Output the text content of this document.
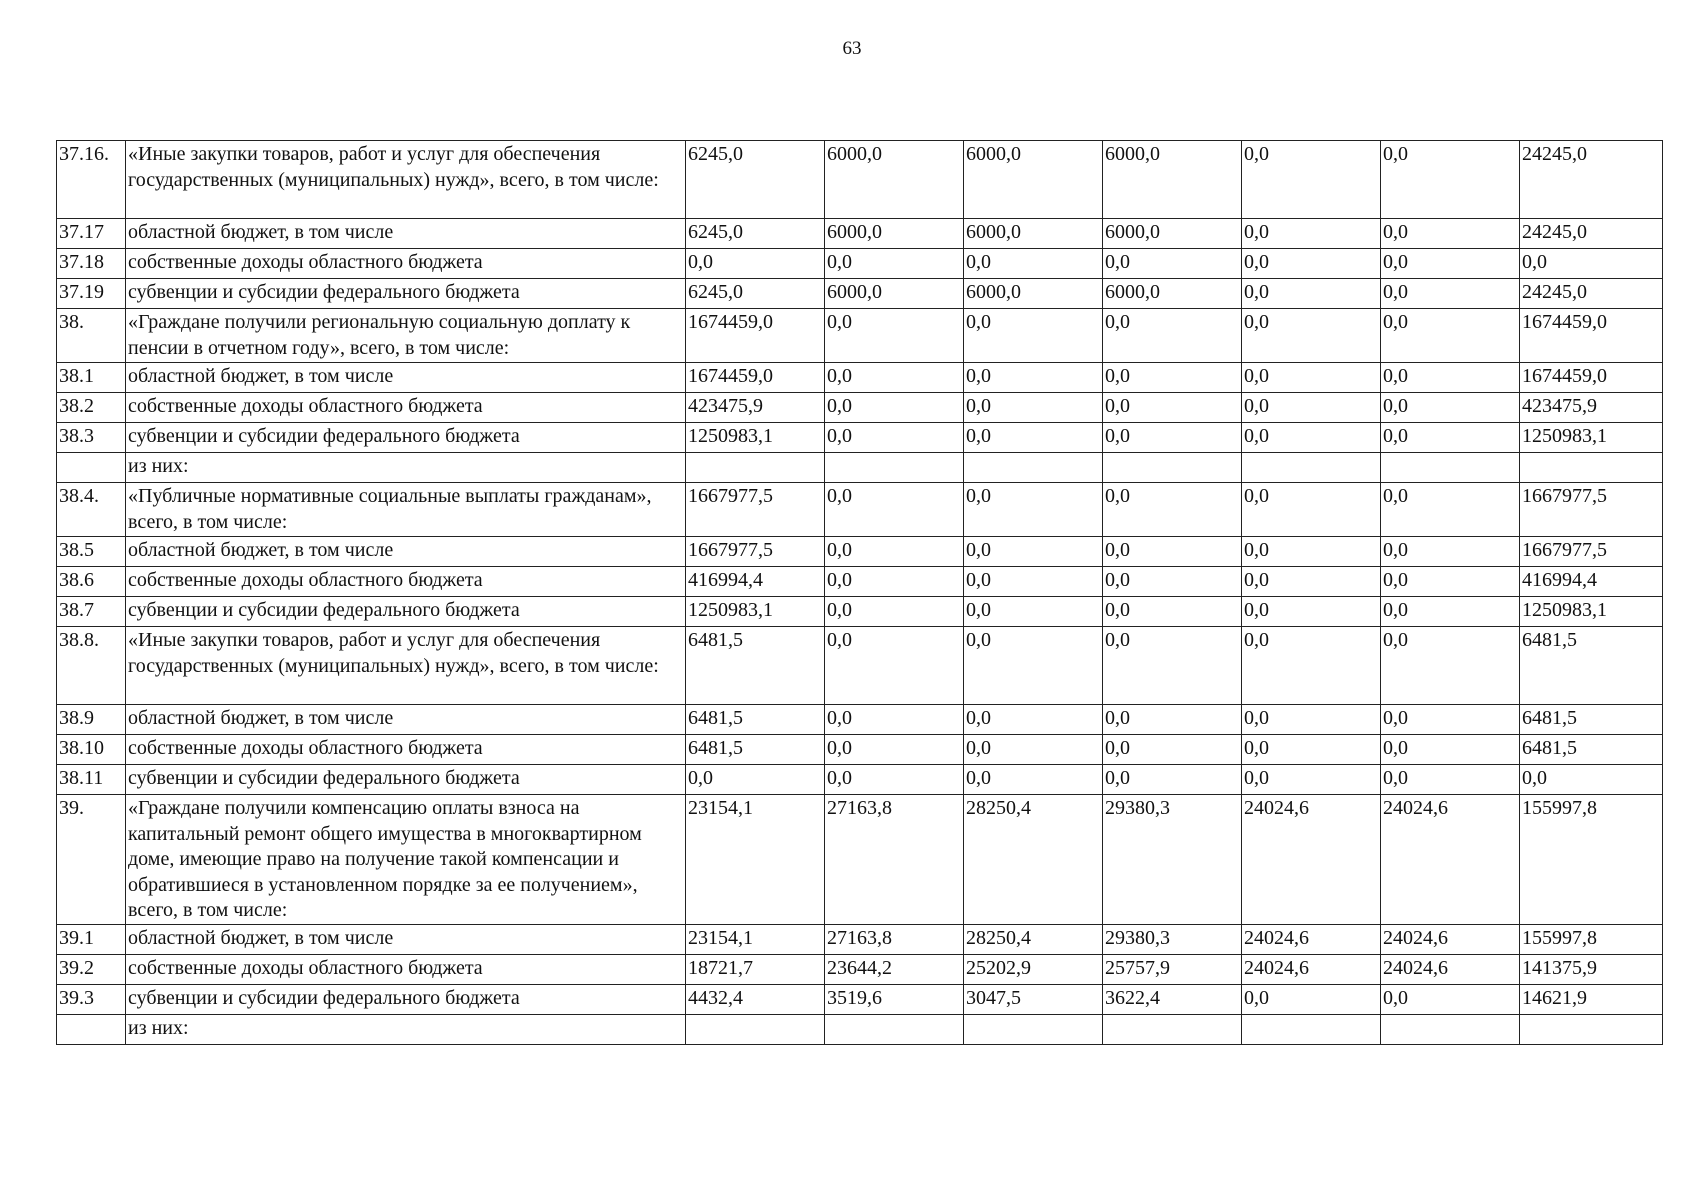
63
37.16.	«Иные закупки товаров, работ и услуг для обеспечения государственных (муниципальных) нужд», всего, в том числе:	6245,0	6000,0	6000,0	6000,0	0,0	0,0	24245,0
37.17	областной бюджет, в том числе	6245,0	6000,0	6000,0	6000,0	0,0	0,0	24245,0
37.18	собственные доходы областного бюджета	0,0	0,0	0,0	0,0	0,0	0,0	0,0
37.19	субвенции и субсидии федерального бюджета	6245,0	6000,0	6000,0	6000,0	0,0	0,0	24245,0
38.	«Граждане получили региональную социальную доплату к пенсии в отчетном году», всего, в том числе:	1674459,0	0,0	0,0	0,0	0,0	0,0	1674459,0
38.1	областной бюджет, в том числе	1674459,0	0,0	0,0	0,0	0,0	0,0	1674459,0
38.2	собственные доходы областного бюджета	423475,9	0,0	0,0	0,0	0,0	0,0	423475,9
38.3	субвенции и субсидии федерального бюджета	1250983,1	0,0	0,0	0,0	0,0	0,0	1250983,1
	из них:							
38.4.	«Публичные нормативные социальные выплаты гражданам», всего, в том числе:	1667977,5	0,0	0,0	0,0	0,0	0,0	1667977,5
38.5	областной бюджет, в том числе	1667977,5	0,0	0,0	0,0	0,0	0,0	1667977,5
38.6	собственные доходы областного бюджета	416994,4	0,0	0,0	0,0	0,0	0,0	416994,4
38.7	субвенции и субсидии федерального бюджета	1250983,1	0,0	0,0	0,0	0,0	0,0	1250983,1
38.8.	«Иные закупки товаров, работ и услуг для обеспечения государственных (муниципальных) нужд», всего, в том числе:	6481,5	0,0	0,0	0,0	0,0	0,0	6481,5
38.9	областной бюджет, в том числе	6481,5	0,0	0,0	0,0	0,0	0,0	6481,5
38.10	собственные доходы областного бюджета	6481,5	0,0	0,0	0,0	0,0	0,0	6481,5
38.11	субвенции и субсидии федерального бюджета	0,0	0,0	0,0	0,0	0,0	0,0	0,0
39.	«Граждане получили компенсацию оплаты взноса на капитальный ремонт общего имущества в многоквартирном доме, имеющие право на получение такой компенсации и обратившиеся в установленном порядке за ее получением», всего, в том числе:	23154,1	27163,8	28250,4	29380,3	24024,6	24024,6	155997,8
39.1	областной бюджет, в том числе	23154,1	27163,8	28250,4	29380,3	24024,6	24024,6	155997,8
39.2	собственные доходы областного бюджета	18721,7	23644,2	25202,9	25757,9	24024,6	24024,6	141375,9
39.3	субвенции и субсидии федерального бюджета	4432,4	3519,6	3047,5	3622,4	0,0	0,0	14621,9
	из них:							
